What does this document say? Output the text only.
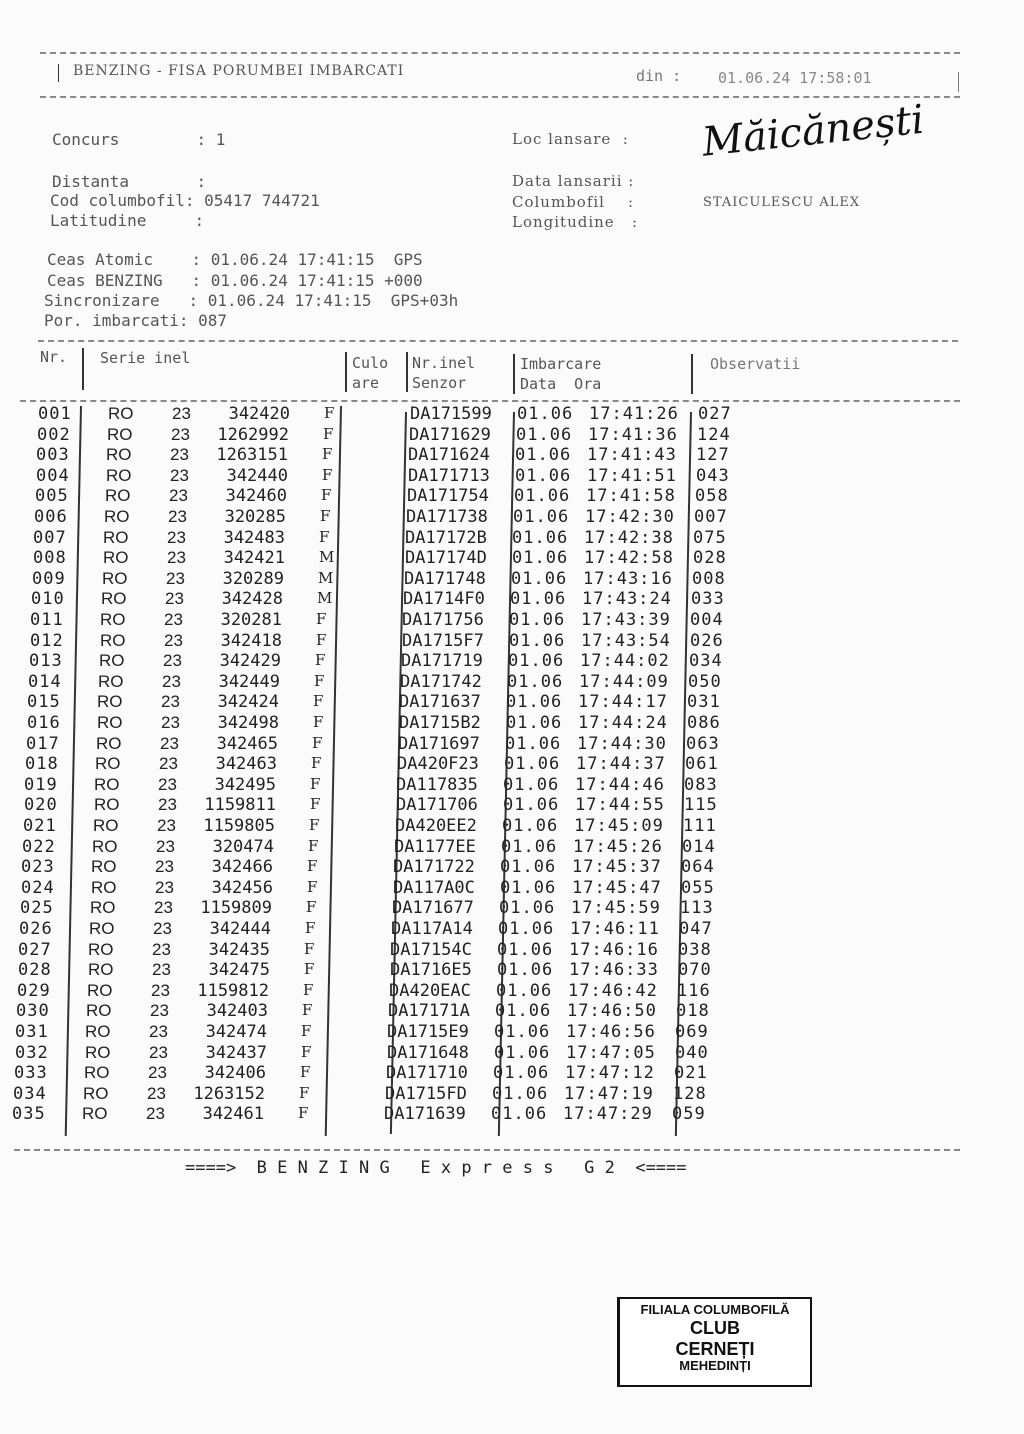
BENZING - FISA PORUMBEI IMBARCATI	din : 01.06.24 17:58:01
Concurs        : 1
Distanta       :
Cod columbofil: 05417 744721
Latitudine     :
Loc lansare  :
Data lansarii :
Columbofil    :	STAICULESCU ALEX
Longitudine   :
Măicănești
Ceas Atomic    : 01.06.24 17:41:15  GPS
Ceas BENZING   : 01.06.24 17:41:15 +000
Sincronizare   : 01.06.24 17:41:15  GPS+03h
Por. imbarcati: 087
Nr. Serie inel	Culo
are
Nr.inel
Senzor
Imbarcare
Data  Ora
Observatii
001 RO 23	342420 F	DA171599 01.06 17:41:26 027
002 RO 23	1262992 F	DA171629 01.06 17:41:36 124
003 RO 23	1263151 F	DA171624 01.06 17:41:43 127
004 RO 23	342440 F	DA171713 01.06 17:41:51 043
005 RO 23	342460 F	DA171754 01.06 17:41:58 058
006 RO 23	320285 F	DA171738 01.06 17:42:30 007
007 RO 23	342483 F	DA17172B 01.06 17:42:38 075
008 RO 23	342421 M	DA17174D 01.06 17:42:58 028
009 RO 23	320289 M	DA171748 01.06 17:43:16 008
010 RO 23	342428 M	DA1714F0 01.06 17:43:24 033
011 RO 23	320281 F	DA171756 01.06 17:43:39 004
012 RO 23	342418 F	DA1715F7 01.06 17:43:54 026
013 RO 23	342429 F	DA171719 01.06 17:44:02 034
014 RO 23	342449 F	DA171742 01.06 17:44:09 050
015 RO 23	342424 F	DA171637 01.06 17:44:17 031
016 RO 23	342498 F	DA1715B2 01.06 17:44:24 086
017 RO 23	342465 F	DA171697 01.06 17:44:30 063
018 RO 23	342463 F	DA420F23 01.06 17:44:37 061
019 RO 23	342495 F	DA117835 01.06 17:44:46 083
020 RO 23	1159811 F	DA171706 01.06 17:44:55 115
021 RO 23	1159805 F	DA420EE2 01.06 17:45:09 111
022 RO 23	320474 F	DA1177EE 01.06 17:45:26 014
023 RO 23	342466 F	DA171722 01.06 17:45:37 064
024 RO 23	342456 F	DA117A0C 01.06 17:45:47 055
025 RO 23	1159809 F	DA171677 01.06 17:45:59 113
026 RO 23	342444 F	DA117A14 01.06 17:46:11 047
027 RO 23	342435 F	DA17154C 01.06 17:46:16 038
028 RO 23	342475 F	DA1716E5 01.06 17:46:33 070
029 RO 23	1159812 F	DA420EAC 01.06 17:46:42 116
030 RO 23	342403 F	DA17171A 01.06 17:46:50 018
031 RO 23	342474 F	DA1715E9 01.06 17:46:56 069
032 RO 23	342437 F	DA171648 01.06 17:47:05 040
033 RO 23	342406 F	DA171710 01.06 17:47:12 021
034 RO 23	1263152 F	DA1715FD 01.06 17:47:19 128
035 RO 23	342461 F	DA171639 01.06 17:47:29 059
====>  B E N Z I N G   E x p r e s s   G 2  <====
FILIALA COLUMBOFILĂ
CLUB
CERNEȚI
MEHEDINȚI
